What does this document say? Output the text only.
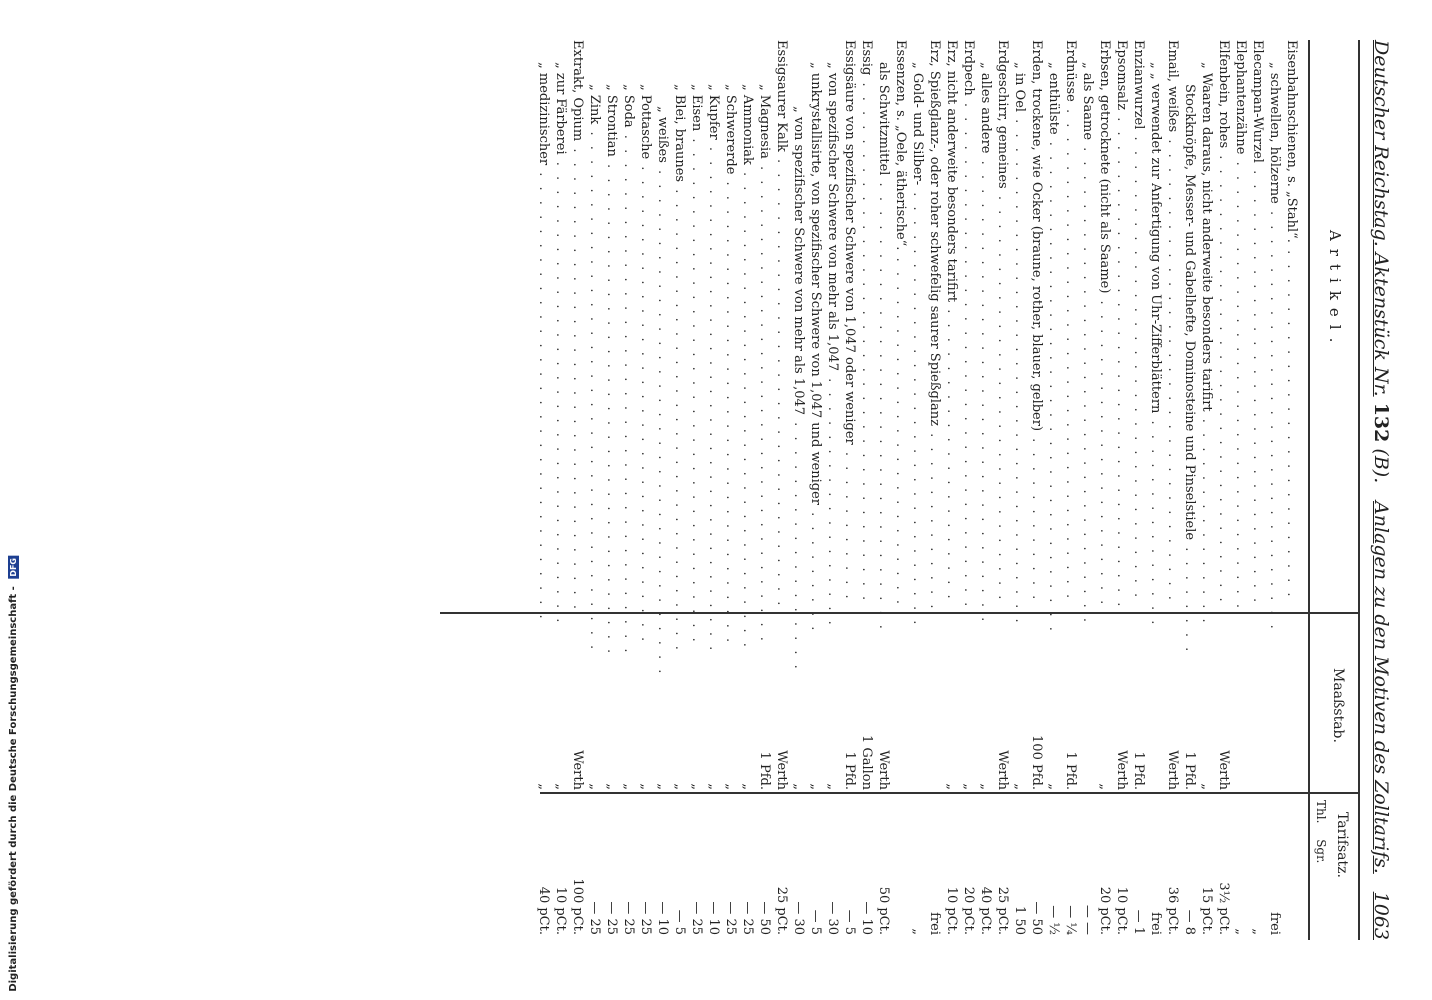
Digitalisierung gefördert durch die Deutsche Forschungsgemeinschaft - DFG
Deutscher Reichstag. Aktenstück Nr. 132 (B).
Anlagen zu den Motiven des Zolltarifs.
1063
Artikel.
Maaßstab.
Tarifsatz.
Thl. Sgr.
Eisenbahnschienen, s. „Stahl“. . . .
„ schwellen, hölzerne . . .
frei
Elecampan-Wurzel . . .
„
Elephantenzähne . . .
„
Elfenbein, rohes . . .
Werth
3½ pCt.
„ Waaren daraus, nicht anderweite besonders tarifirt . . .
„
15 pCt.
Stockknöpfe, Messer- und Gabelhefte, Dominosteine und Pinselstiele . . .
1 Pfd.
— 8
Email, weißes . . .
Werth
36 pCt.
„ „ verwendet zur Anfertigung von Uhr-Zifferblättern . . .
frei
Enzianwurzel . . .
1 Pfd.
— 1
Epsomsalz . . .
Werth
10 pCt.
Erbsen, getrocknete (nicht als Saame) . . .
„
20 pCt.
„ als Saame . . .
— —
Erdnüsse . . .
1 Pfd.
— ¼
„ enthülste . . .
„
— ½
Erden, trockene, wie Ocker (braune, rother, blauer, gelber) . . .
100 Pfd.
— 50
„ in Oel . . .
„
1 50
Erdgeschirr, gemeines . . .
Werth
25 pCt.
„ alles andere . . .
„
40 pCt.
Erdpech . . .
„
20 pCt.
Erz, nicht anderweite besonders tarifirt . . .
„
10 pCt.
Erz, Spießglanz-, oder roher schwefelig saurer Spießglanz . . .
frei
„ Gold- und Silber- . . .
„
Essenzen, s. „Oele, ätherische“. . . .
als Schwitzmittel . . .
Werth
50 pCt.
Essig . . .
1 Gallon
— 10
Essigsäure von spezifischer Schwere von 1,047 oder weniger . . .
1 Pfd.
— 5
„ von spezifischer Schwere von mehr als 1,047 . . .
„
— 30
„ unkrystallisirte, von spezifischer Schwere von 1,047 und weniger . . .
„
— 5
„ von spezifischer Schwere von mehr als 1,047 . . .
„
— 30
Essigsaurer Kalk . . .
Werth
25 pCt.
„ Magnesia . . .
1 Pfd.
— 50
„ Ammoniak . . .
„
— 25
„ Schwererde . . .
„
— 25
„ Kupfer . . .
„
— 10
„ Eisen . . .
„
— 25
„ Blei, braunes . . .
„
— 5
„ weißes . . .
„
— 10
„ Pottasche . . .
„
— 25
„ Soda . . .
„
— 25
„ Strontian . . .
„
— 25
„ Zink . . .
„
— 25
Extrakt, Opium . . .
Werth
100 pCt.
„ zur Färberei . . .
„
10 pCt.
„ medizinischer . . .
„
40 pCt.
